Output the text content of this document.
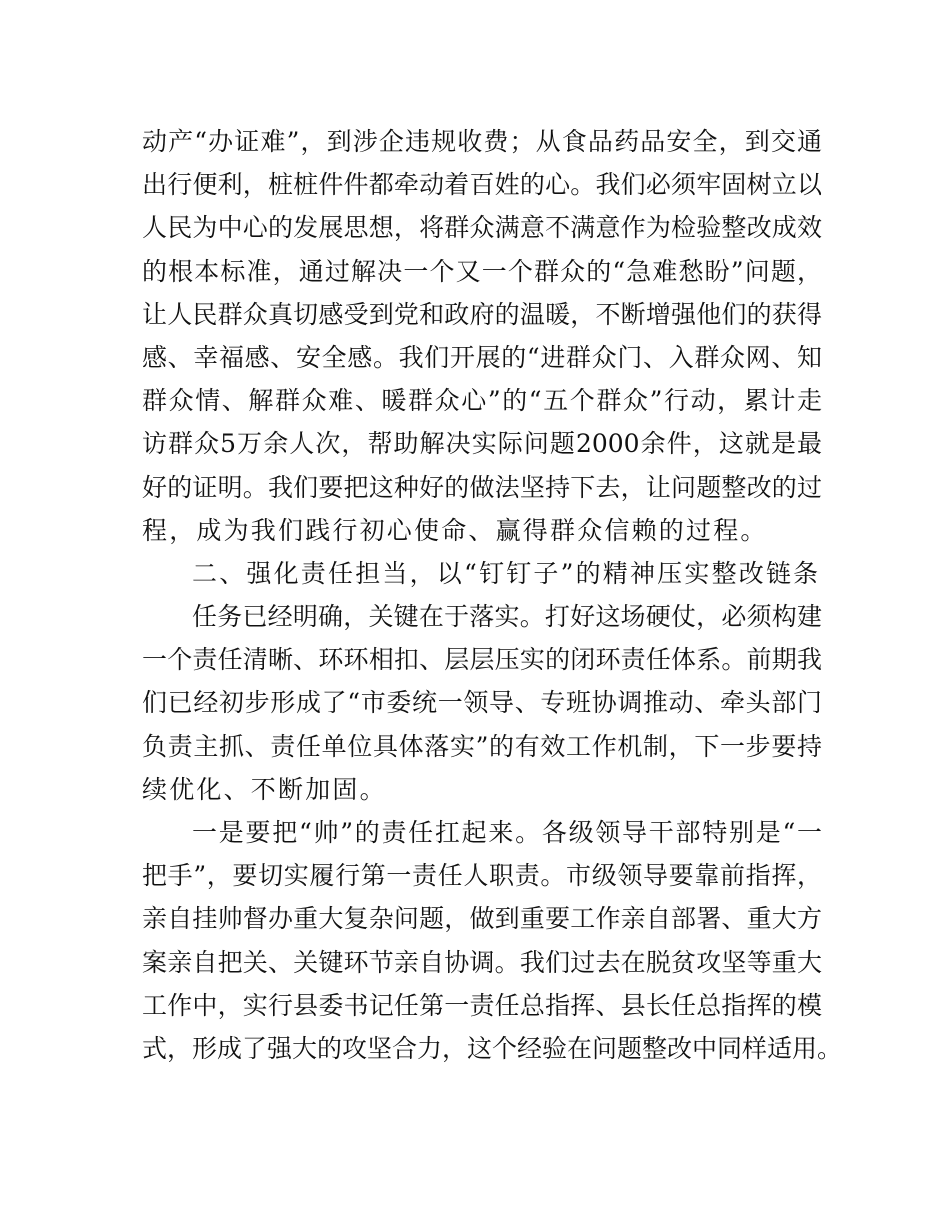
动产“办证难”，到涉企违规收费；从食品药品安全，到交通
出行便利，桩桩件件都牵动着百姓的心。我们必须牢固树立以
人民为中心的发展思想，将群众满意不满意作为检验整改成效
的根本标准，通过解决一个又一个群众的“急难愁盼”问题，
让人民群众真切感受到党和政府的温暖，不断增强他们的获得
感、幸福感、安全感。我们开展的“进群众门、入群众网、知
群众情、解群众难、暖群众心”的“五个群众”行动，累计走
访群众5万余人次，帮助解决实际问题2000余件，这就是最
好的证明。我们要把这种好的做法坚持下去，让问题整改的过
程，成为我们践行初心使命、赢得群众信赖的过程。
二、强化责任担当，以“钉钉子”的精神压实整改链条
任务已经明确，关键在于落实。打好这场硬仗，必须构建
一个责任清晰、环环相扣、层层压实的闭环责任体系。前期我
们已经初步形成了“市委统一领导、专班协调推动、牵头部门
负责主抓、责任单位具体落实”的有效工作机制，下一步要持
续优化、不断加固。
一是要把“帅”的责任扛起来。各级领导干部特别是“一
把手”，要切实履行第一责任人职责。市级领导要靠前指挥，
亲自挂帅督办重大复杂问题，做到重要工作亲自部署、重大方
案亲自把关、关键环节亲自协调。我们过去在脱贫攻坚等重大
工作中，实行县委书记任第一责任总指挥、县长任总指挥的模
式，形成了强大的攻坚合力，这个经验在问题整改中同样适用。
